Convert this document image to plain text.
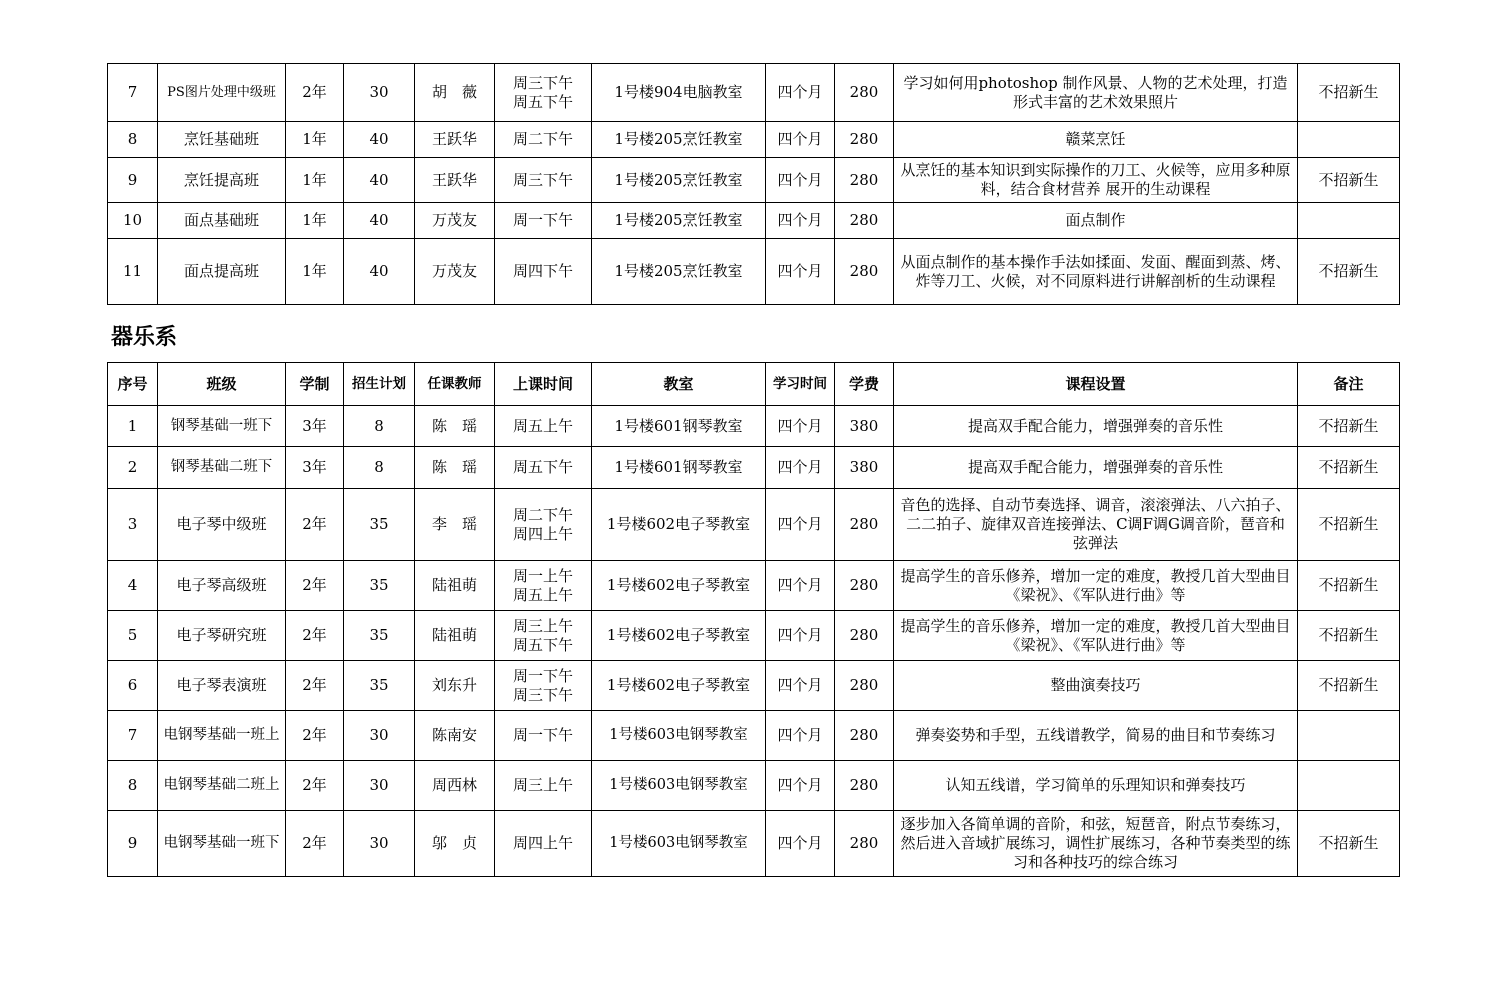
7	PS图片处理中级班	2年	30	胡　薇	周三下午
周五下午	1号楼904电脑教室	四个月	280	学习如何用photoshop 制作风景、人物的艺术处理，打造形式丰富的艺术效果照片	不招新生
8	烹饪基础班	1年	40	王跃华	周二下午	1号楼205烹饪教室	四个月	280	赣菜烹饪	
9	烹饪提高班	1年	40	王跃华	周三下午	1号楼205烹饪教室	四个月	280	从烹饪的基本知识到实际操作的刀工、火候等，应用多种原料，结合食材营养 展开的生动课程	不招新生
10	面点基础班	1年	40	万茂友	周一下午	1号楼205烹饪教室	四个月	280	面点制作	
11	面点提高班	1年	40	万茂友	周四下午	1号楼205烹饪教室	四个月	280	从面点制作的基本操作手法如揉面、发面、醒面到蒸、烤、炸等刀工、火候，对不同原料进行讲解剖析的生动课程	不招新生
器乐系
序号	班级	学制	招生计划	任课教师	上课时间	教室	学习时间	学费	课程设置	备注
1	钢琴基础一班下	3年	8	陈　瑶	周五上午	1号楼601钢琴教室	四个月	380	提高双手配合能力，增强弹奏的音乐性	不招新生
2	钢琴基础二班下	3年	8	陈　瑶	周五下午	1号楼601钢琴教室	四个月	380	提高双手配合能力，增强弹奏的音乐性	不招新生
3	电子琴中级班	2年	35	李　瑶	周二下午
周四上午	1号楼602电子琴教室	四个月	280	音色的选择、自动节奏选择、调音，滚滚弹法、八六拍子、二二拍子、旋律双音连接弹法、C调F调G调音阶，琶音和弦弹法	不招新生
4	电子琴高级班	2年	35	陆祖萌	周一上午
周五上午	1号楼602电子琴教室	四个月	280	提高学生的音乐修养，增加一定的难度，教授几首大型曲目《梁祝》、《军队进行曲》等	不招新生
5	电子琴研究班	2年	35	陆祖萌	周三上午
周五下午	1号楼602电子琴教室	四个月	280	提高学生的音乐修养，增加一定的难度，教授几首大型曲目《梁祝》、《军队进行曲》等	不招新生
6	电子琴表演班	2年	35	刘东升	周一下午
周三下午	1号楼602电子琴教室	四个月	280	整曲演奏技巧	不招新生
7	电钢琴基础一班上	2年	30	陈南安	周一下午	1号楼603电钢琴教室	四个月	280	弹奏姿势和手型，五线谱教学，简易的曲目和节奏练习	
8	电钢琴基础二班上	2年	30	周西林	周三上午	1号楼603电钢琴教室	四个月	280	认知五线谱，学习简单的乐理知识和弹奏技巧	
9	电钢琴基础一班下	2年	30	邬　贞	周四上午	1号楼603电钢琴教室	四个月	280	逐步加入各简单调的音阶，和弦，短琶音，附点节奏练习，然后进入音域扩展练习，调性扩展练习，各种节奏类型的练习和各种技巧的综合练习	不招新生
